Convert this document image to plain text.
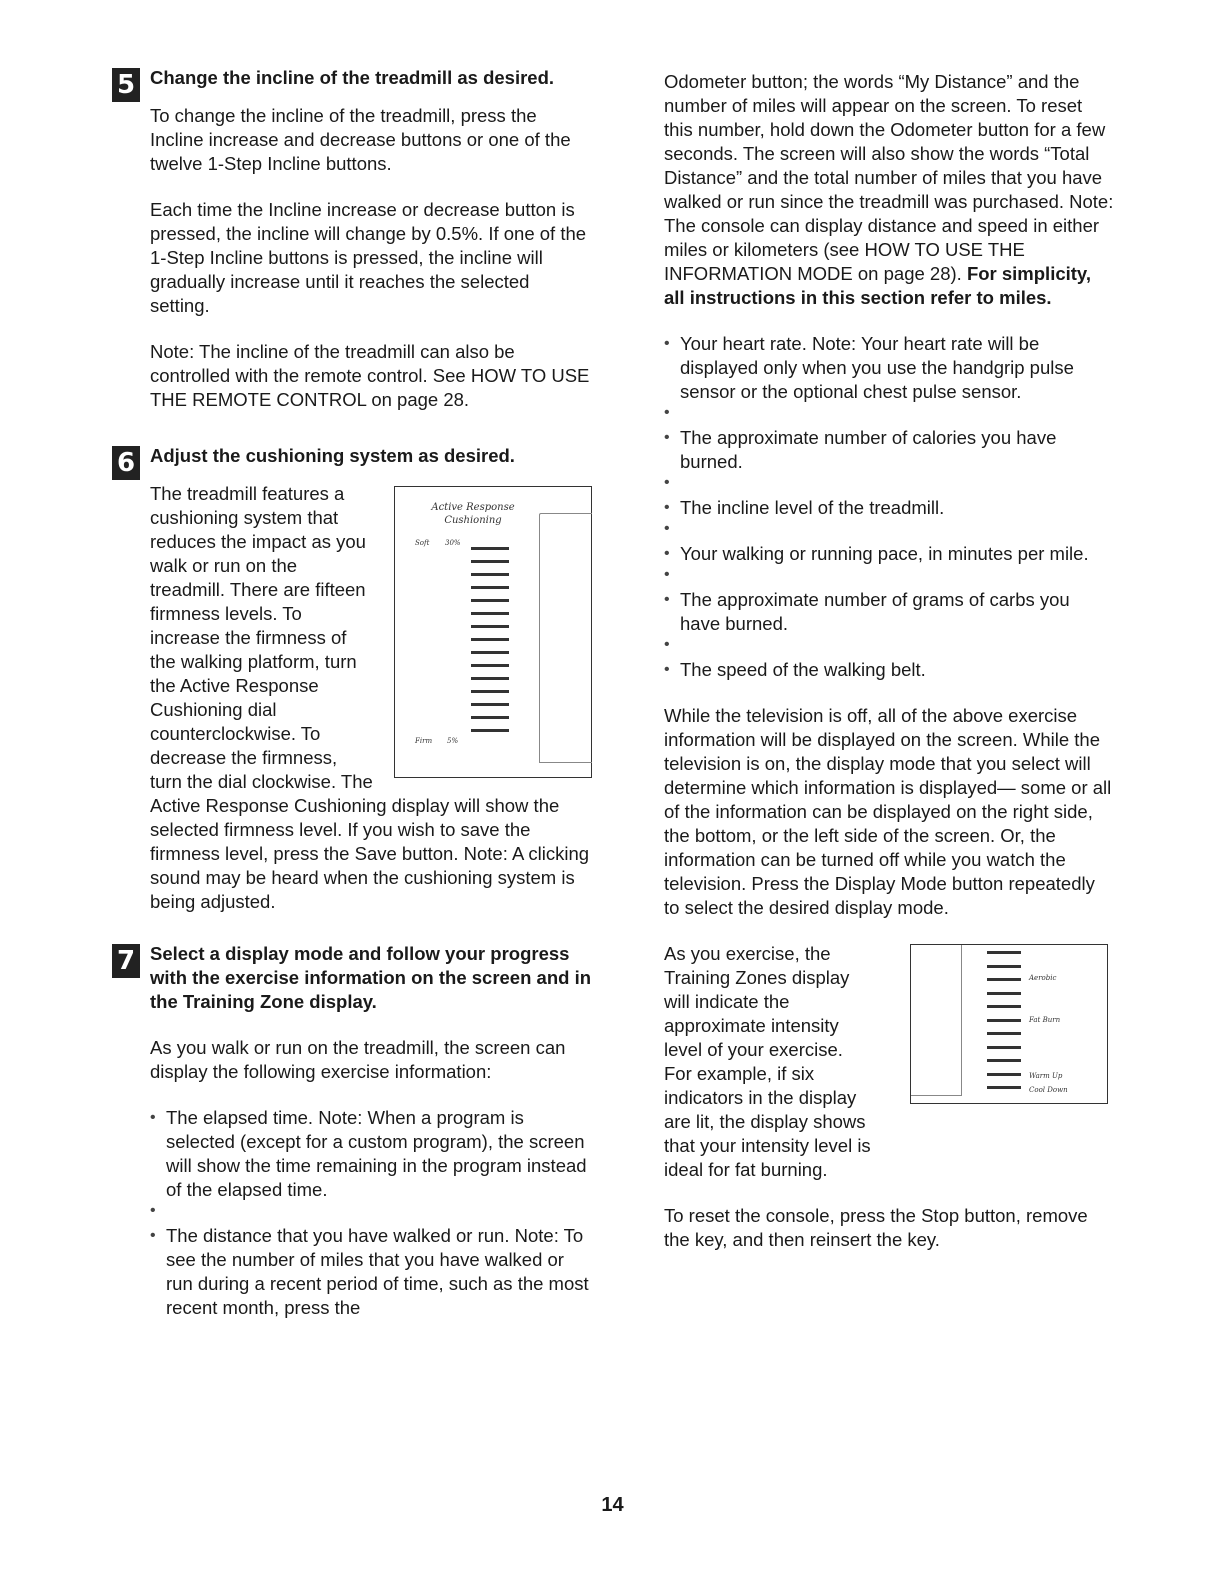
5 Change the incline of the treadmill as desired.

To change the incline of the treadmill, press the Incline increase and decrease buttons or one of the twelve 1-Step Incline buttons.

Each time the Incline increase or decrease button is pressed, the incline will change by 0.5%. If one of the 1-Step Incline buttons is pressed, the incline will gradually increase until it reaches the selected setting.

Note: The incline of the treadmill can also be controlled with the remote control. See HOW TO USE THE REMOTE CONTROL on page 28.

6 Adjust the cushioning system as desired.

Active Response
Cushioning
Soft 30%
Firm 5%

The treadmill features a cushioning system that reduces the impact as you walk or run on the treadmill. There are fifteen firmness levels. To increase the firmness of the walking platform, turn the Active Response Cushioning dial counterclockwise. To decrease the firmness, turn the dial clockwise. The Active Response Cushioning display will show the selected firmness level. If you wish to save the firmness level, press the Save button. Note: A clicking sound may be heard when the cushioning system is being adjusted.

7 Select a display mode and follow your progress with the exercise information on the screen and in the Training Zone display.

As you walk or run on the treadmill, the screen can display the following exercise information:

• The elapsed time. Note: When a program is selected (except for a custom program), the screen will show the time remaining in the program instead of the elapsed time.
•
• The distance that you have walked or run. Note: To see the number of miles that you have walked or run during a recent period of time, such as the most recent month, press the

Odometer button; the words “My Distance” and the number of miles will appear on the screen. To reset this number, hold down the Odometer button for a few seconds. The screen will also show the words “Total Distance” and the total number of miles that you have walked or run since the treadmill was purchased. Note: The console can display distance and speed in either miles or kilometers (see HOW TO USE THE INFORMATION MODE on page 28). For simplicity, all instructions in this section refer to miles.

• Your heart rate. Note: Your heart rate will be displayed only when you use the handgrip pulse sensor or the optional chest pulse sensor.
•
• The approximate number of calories you have burned.
•
• The incline level of the treadmill.
•
• Your walking or running pace, in minutes per mile.
•
• The approximate number of grams of carbs you have burned.
•
• The speed of the walking belt.

While the television is off, all of the above exercise information will be displayed on the screen. While the television is on, the display mode that you select will determine which information is displayed— some or all of the information can be displayed on the right side, the bottom, or the left side of the screen. Or, the information can be turned off while you watch the television. Press the Display Mode button repeatedly to select the desired display mode.

As you exercise, the Training Zones display will indicate the approximate intensity level of your exercise. For example, if six indicators in the display are lit, the display shows that your intensity level is ideal for fat burning.

Aerobic
Fat Burn
Warm Up
Cool Down

To reset the console, press the Stop button, remove the key, and then reinsert the key.

14
